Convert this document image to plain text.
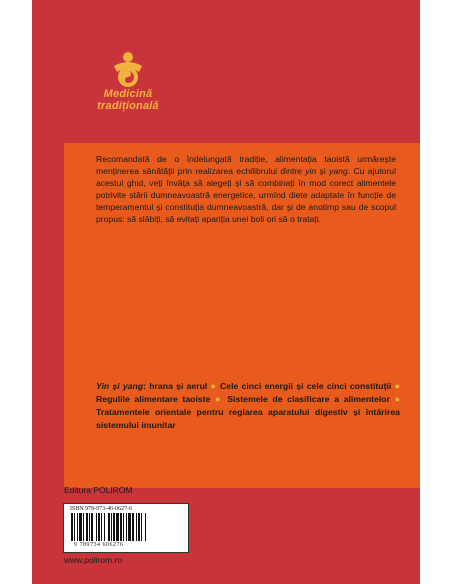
Medicină
tradițională

Recomandată de o îndelungată tradiție, alimentația taoistă urmărește menținerea sănătății prin realizarea echilibrului dintre yin și yang. Cu ajutorul acestui ghid, veți învăța să alegeți și să combinați în mod corect alimentele potrivite stării dumneavoastră energetice, urmînd diete adaptate în funcție de temperamentul și constituția dumneavoastră, dar și de anotimp sau de scopul propus: să slăbiți, să evitați apariția unei boli ori să o tratați.

Yin și yang: hrana și aerul ● Cele cinci energii și cele cinci constituții ● Regulile alimentare taoiste ● Sistemele de clasificare a alimentelor ● Tratamentele orientale pentru reglarea aparatului digestiv și întărirea sistemului imunitar

Editura POLIROM

ISBN 978-973-46-0627-6

9 789734 606276

www.polirom.ro
